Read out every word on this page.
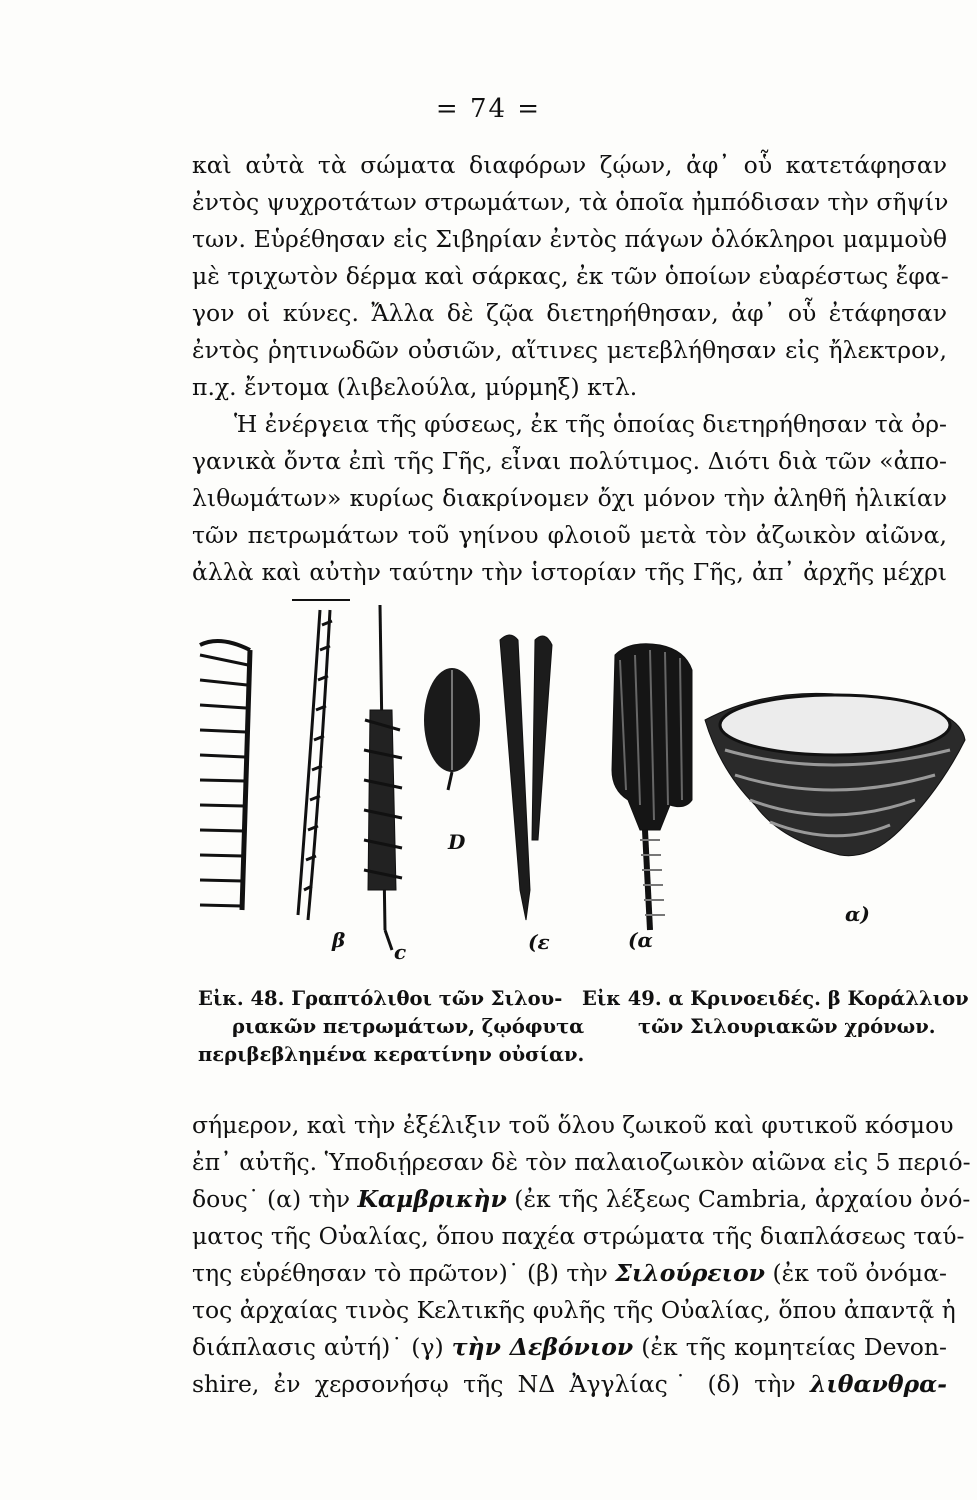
= 74 =
καὶ αὐτὰ τὰ σώματα διαφόρων ζῴων, ἀφ᾽ οὗ κατετάφησαν
ἐντὸς ψυχροτάτων στρωμάτων, τὰ ὁποῖα ἠμπόδισαν τὴν σῆψίν
των. Εὑρέθησαν εἰς Σιβηρίαν ἐντὸς πάγων ὁλόκληροι μαμμοὺθ
μὲ τριχωτὸν δέρμα καὶ σάρκας, ἐκ τῶν ὁποίων εὐαρέστως ἔφα-
γον οἱ κύνες. Ἄλλα δὲ ζῷα διετηρήθησαν, ἀφ᾽ οὗ ἐτάφησαν
ἐντὸς ῥητινωδῶν οὐσιῶν, αἵτινες μετεβλήθησαν εἰς ἤλεκτρον,
π.χ. ἔντομα (λιβελούλα, μύρμηξ) κτλ.
Ἡ ἐνέργεια τῆς φύσεως, ἐκ τῆς ὁποίας διετηρήθησαν τὰ ὀρ-
γανικὰ ὄντα ἐπὶ τῆς Γῆς, εἶναι πολύτιμος. Διότι διὰ τῶν «ἀπο-
λιθωμάτων» κυρίως διακρίνομεν ὄχι μόνον τὴν ἀληθῆ ἡλικίαν
τῶν πετρωμάτων τοῦ γηίνου φλοιοῦ μετὰ τὸν ἀζωικὸν αἰῶνα,
ἀλλὰ καὶ αὐτὴν ταύτην τὴν ἱστορίαν τῆς Γῆς, ἀπ᾽ ἀρχῆς μέχρι
β c
D
(ε	(α
α)
Εἰκ. 48. Γραπτόλιθοι τῶν Σιλου-
ριακῶν πετρωμάτων, ζῳόφυτα
περιβεβλημένα κερατίνην οὐσίαν.
Εἰκ 49. α Κρινοειδές. β Κοράλλιον
τῶν Σιλουριακῶν χρόνων.
σήμερον, καὶ τὴν ἐξέλιξιν τοῦ ὅλου ζωικοῦ καὶ φυτικοῦ κόσμου
ἐπ᾽ αὐτῆς. Ὑποδιῄρεσαν δὲ τὸν παλαιοζωικὸν αἰῶνα εἰς 5 περιό-
δους˙ (α) τὴν Καμβρικὴν (ἐκ τῆς λέξεως Cambria, ἀρχαίου ὀνό-
ματος τῆς Οὐαλίας, ὅπου παχέα στρώματα τῆς διαπλάσεως ταύ-
της εὑρέθησαν τὸ πρῶτον)˙ (β) τὴν Σιλούρειον (ἐκ τοῦ ὀνόμα-
τος ἀρχαίας τινὸς Κελτικῆς φυλῆς τῆς Οὐαλίας, ὅπου ἀπαντᾷ ἡ
διάπλασις αὐτή)˙ (γ) τὴν Δεβόνιον (ἐκ τῆς κομητείας Devon-
shire, ἐν χερσονήσῳ τῆς ΝΔ Ἀγγλίας˙ (δ) τὴν λιθανθρα-
